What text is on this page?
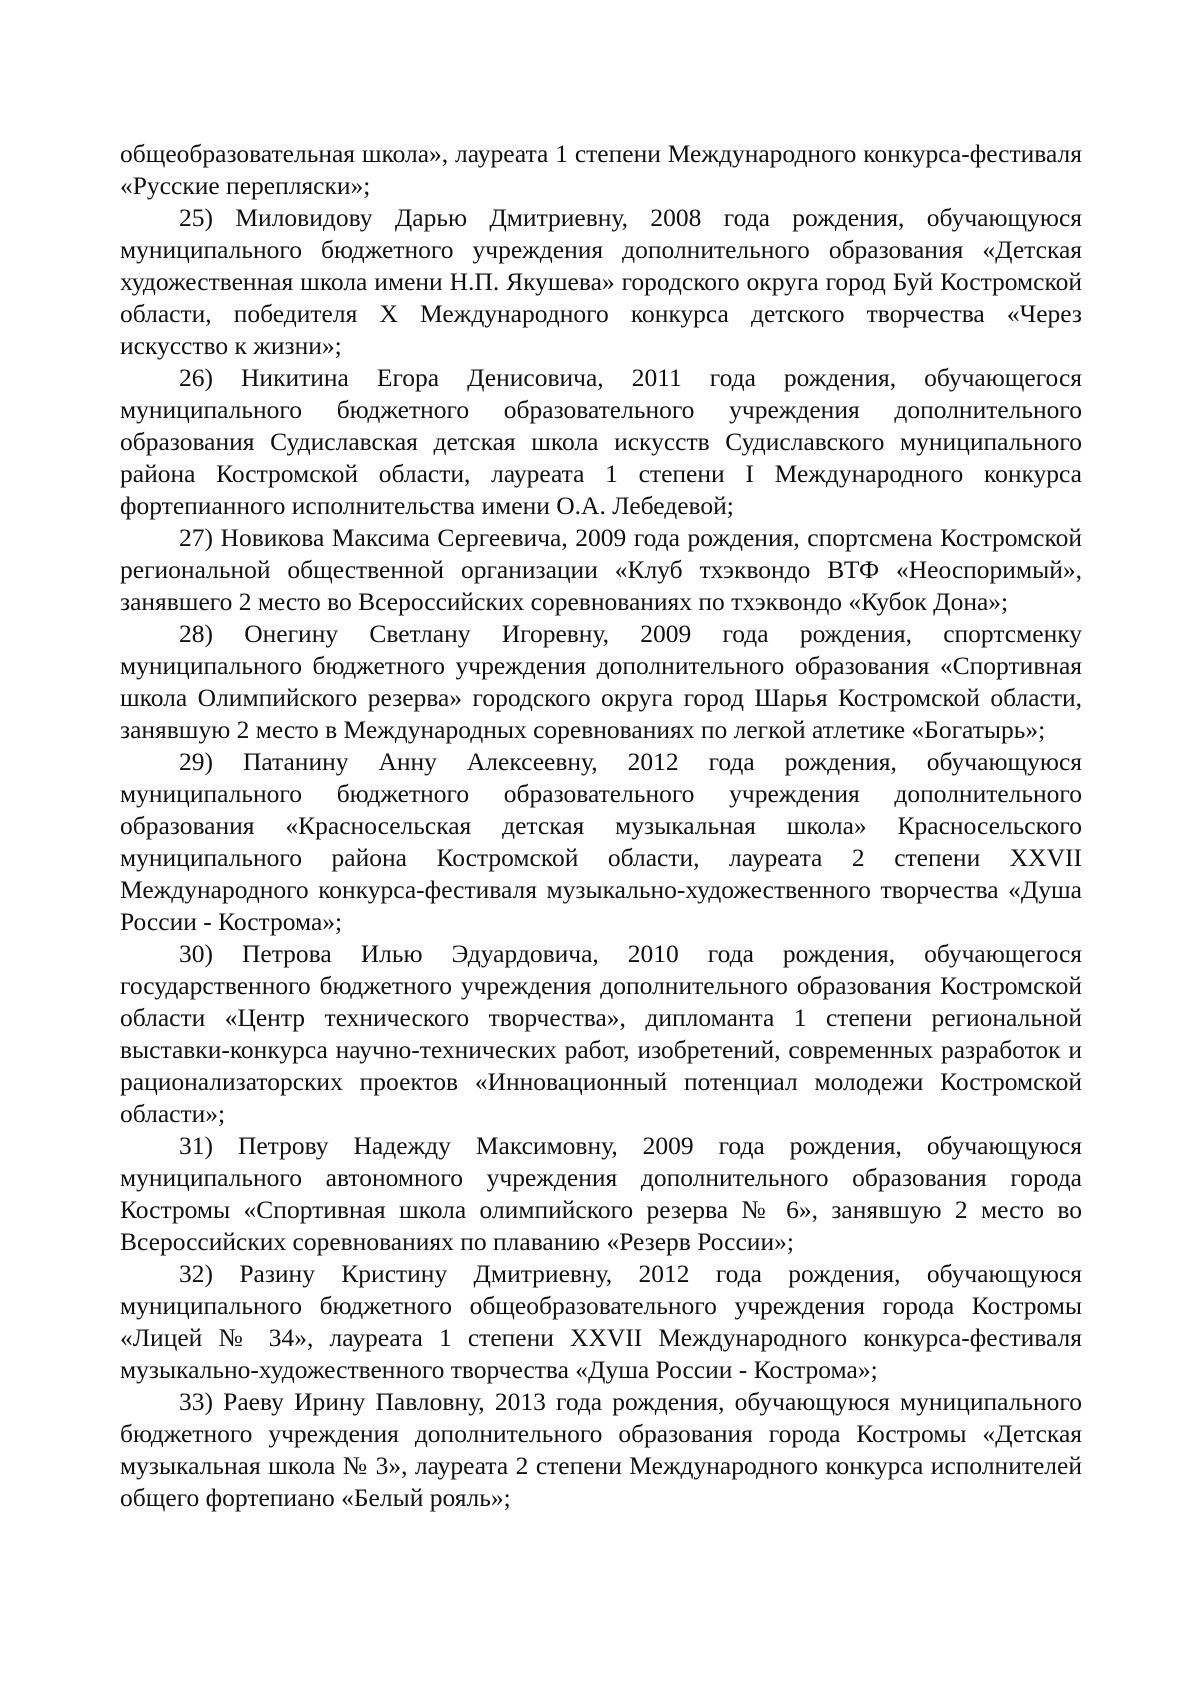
общеобразовательная школа», лауреата 1 степени Международного конкурса-фестиваля «Русские перепляски»;

25) Миловидову Дарью Дмитриевну, 2008 года рождения, обучающуюся муниципального бюджетного учреждения дополнительного образования «Детская художественная школа имени Н.П. Якушева» городского округа город Буй Костромской области, победителя X Международного конкурса детского творчества «Через искусство к жизни»;

26) Никитина Егора Денисовича, 2011 года рождения, обучающегося муниципального бюджетного образовательного учреждения дополнительного образования Судиславская детская школа искусств Судиславского муниципального района Костромской области, лауреата 1 степени I Международного конкурса фортепианного исполнительства имени О.А. Лебедевой;

27) Новикова Максима Сергеевича, 2009 года рождения, спортсмена Костромской региональной общественной организации «Клуб тхэквондо ВТФ «Неоспоримый», занявшего 2 место во Всероссийских соревнованиях по тхэквондо «Кубок Дона»;

28) Онегину Светлану Игоревну, 2009 года рождения, спортсменку муниципального бюджетного учреждения дополнительного образования «Спортивная школа Олимпийского резерва» городского округа город Шарья Костромской области, занявшую 2 место в Международных соревнованиях по легкой атлетике «Богатырь»;

29) Патанину Анну Алексеевну, 2012 года рождения, обучающуюся муниципального бюджетного образовательного учреждения дополнительного образования «Красносельская детская музыкальная школа» Красносельского муниципального района Костромской области, лауреата 2 степени XXVII Международного конкурса-фестиваля музыкально-художественного творчества «Душа России - Кострома»;

30) Петрова Илью Эдуардовича, 2010 года рождения, обучающегося государственного бюджетного учреждения дополнительного образования Костромской области «Центр технического творчества», дипломанта 1 степени региональной выставки-конкурса научно-технических работ, изобретений, современных разработок и рационализаторских проектов «Инновационный потенциал молодежи Костромской области»;

31) Петрову Надежду Максимовну, 2009 года рождения, обучающуюся муниципального автономного учреждения дополнительного образования города Костромы «Спортивная школа олимпийского резерва № 6», занявшую 2 место во Всероссийских соревнованиях по плаванию «Резерв России»;

32) Разину Кристину Дмитриевну, 2012 года рождения, обучающуюся муниципального бюджетного общеобразовательного учреждения города Костромы «Лицей № 34», лауреата 1 степени XXVII Международного конкурса-фестиваля музыкально-художественного творчества «Душа России - Кострома»;

33) Раеву Ирину Павловну, 2013 года рождения, обучающуюся муниципального бюджетного учреждения дополнительного образования города Костромы «Детская музыкальная школа № 3», лауреата 2 степени Международного конкурса исполнителей общего фортепиано «Белый рояль»;
